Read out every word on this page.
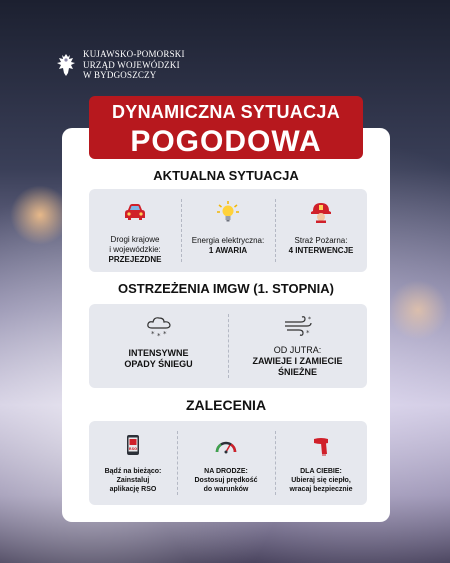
KUJAWSKO-POMORSKI
URZĄD WOJEWÓDZKI
W BYDGOSZCZY
DYNAMICZNA SYTUACJA
POGODOWA
AKTUALNA SYTUACJA
Drogi krajowe
i wojewódzkie:
PRZEJEZDNE
Energia elektryczna:
1 AWARIA
Straż Pożarna:
4 INTERWENCJE
OSTRZEŻENIA IMGW (1. STOPNIA)
* * *
INTENSYWNE
OPADY ŚNIEGU
*
*
OD JUTRA:
ZAWIEJE I ZAMIECIE
ŚNIEŻNE
ZALECENIA
RSO
Bądź na bieżąco:
Zainstaluj
aplikację RSO
NA DRODZE:
Dostosuj prędkość
do warunków
DLA CIEBIE:
Ubieraj się ciepło,
wracaj bezpiecznie
